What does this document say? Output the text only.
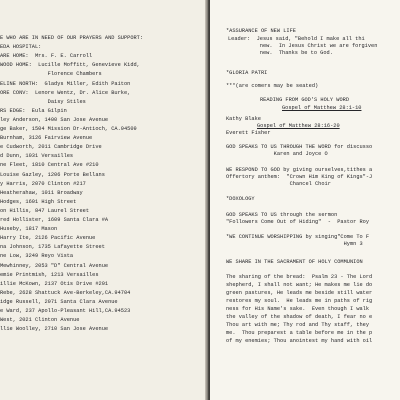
E WHO ARE IN NEED OF OUR PRAYERS AND SUPPORT:
EDA HOSPITAL:
ARE HOME:  Mrs. F. E. Carroll
WOOD HOME:  Lucille Moffitt, Genevieve Kidd,
Florence Chambers
ELINE NORTH:  Gladys Miller, Edith Paiton
ORE CONV:  Lenore Wentz, Dr. Alice Burke,
Daisy Stiles
RS EDGE:  Eula Gilpin
ley Anderson, 1400 San Jose Avenue
ge Baker, 1504 Mission Dr-Antioch, CA.94509
Burnham, 3126 Fairview Avenue
e Cudworth, 2011 Cambridge Drive
d Dunn, 1031 Versailles
ne Fleet, 1810 Central Ave #210
Louise Gazley, 1206 Porte Bellans
y Harris, 2070 Clinton #217
Heatherahaw, 1011 Broadway
Hodges, 1601 High Street
on Hillis, 847 Laurel Street
red Hollister, 1609 Santa Clara #A
Huseby, 1817 Mason
Harry Ite, 2126 Pacific Avenue
na Johnson, 1735 Lafayette Street
ne Low, 3249 Reyo Vista
Mewhinney, 2053 "D" Central Avenue
emie Printmish, 1213 Versailles
illie McKown, 2137 Otis Drive #201
Rebe, 2628 Shattuck Ave-Berkeley,CA.94704
idge Russell, 2071 Santa Clara Avenue
e Ward, 237 Apollo-Pleasant Hill,CA.94523
West, 2021 Clinton Avenue
llie Woolley, 2710 San Jose Avenue
*ASSURANCE OF NEW LIFE
Leader:  Jesus said, "Behold I make all thi
new.  In Jesus Christ we are forgiven
new.  Thanks be to God.
*GLORIA PATRI
***(are comers may be seated)
READING FROM GOD'S HOLY WORD
Gospel of Matthew 28:1-10
Kathy Blake
Gospel of Matthew 28:16-20
Everett Fisher
GOD SPEAKS TO US THROUGH THE WORD for discusso
Karen and Joyce O
WE RESPOND TO GOD by giving ourselves,tithes a
Offertory anthem:  "Crown Him King of Kings"-J
Chancel Choir
*DOXOLOGY
GOD SPEAKS TO US through the sermon
"Followers Come Out of Hiding"  -  Pastor Roy
*WE CONTINUE WORSHIPPING by singing"Come To F
Hymn 3
WE SHARE IN THE SACRAMENT OF HOLY COMMUNION
The sharing of the bread:  Psalm 23 - The Lord
shepherd, I shall not want; He makes me lie do
green pastures, He leads me beside still water
restores my soul.  He leads me in paths of rig
ness for His Name's sake.  Even though I walk
the valley of the shadow of death, I fear no e
Thou art with me; Thy rod and Thy staff, they
me.  Thou preparest a table before me in the p
of my enemies; Thou anointest my hand with oil
